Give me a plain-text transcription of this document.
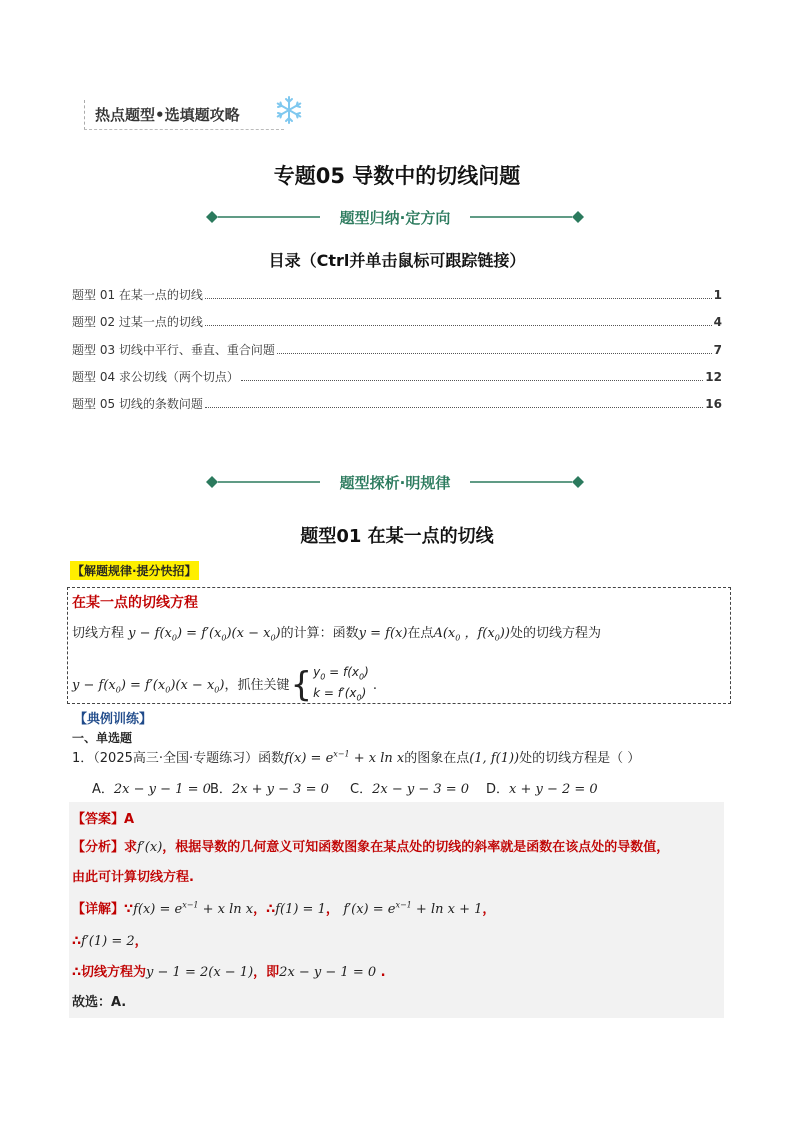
热点题型•选填题攻略
专题05 导数中的切线问题
题型归纳·定方向
目录（Ctrl并单击鼠标可跟踪链接）
题型 01 在某一点的切线	1
题型 02 过某一点的切线	4
题型 03 切线中平行、垂直、重合问题	7
题型 04 求公切线（两个切点）	12
题型 05 切线的条数问题	16
题型探析·明规律
题型01 在某一点的切线
【解题规律·提分快招】
在某一点的切线方程
切线方程 $y - f(x_0) = f'(x_0)(x - x_0)$的计算：函数y = f(x)在点$A(x_0$ ，$f(x_0)$)处的切线方程为
$y - f(x_0) = f'(x_0)(x - x_0)$，抓住关键{$y_0 = f(x_0)$
$k = f'(x_0)$ .
【典例训练】
一、单选题
1．（2025高三·全国·专题练习）函数$f(x) = e^{x-1} + x$ ln x的图象在点(1, f(1))处的切线方程是（ ）
A．2x − y − 1 = 0 B．2x + y − 3 = 0 C．2x − y − 3 = 0 D．x + y − 2 = 0
【答案】A
【分析】求f′(x)，根据导数的几何意义可知函数图象在某点处的切线的斜率就是函数在该点处的导数值，
由此可计算切线方程.
【详解】∵f(x) = $e^{x-1} + x$ ln x，∴f(1) = 1， $f'(x) = e^{x-1} + \ln x + 1$，
∴f′(1) = 2，
∴切线方程为y − 1 = 2(x − 1)，即2x − y − 1 = 0 .
故选：A.
